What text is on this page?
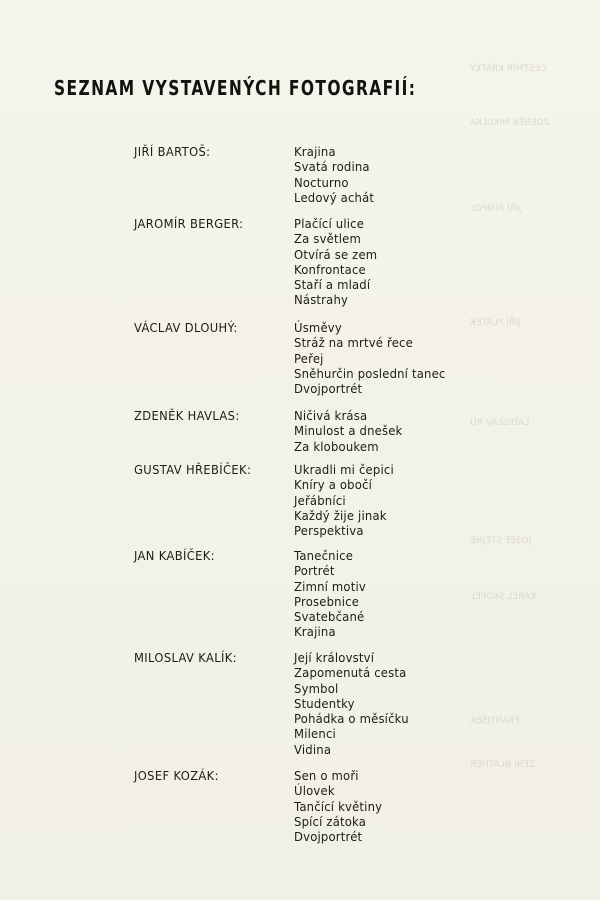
CESTMÍR KRÁTKÝ
ZDENĚK MIKULKA
JIŘÍ RIMPOL
JIŘÍ PLATEK
LADISLAV RU
JOSEF STEJNE
KAREL SKOPEL
FRANTIŠEK
ZENÍ BLÁTHER
SEZNAM VYSTAVENÝCH FOTOGRAFIÍ:
JIŘÍ BARTOŠ:	Krajina
Svatá rodina
Nocturno
Ledový achát
JAROMÍR BERGER:	Plačící ulice
Za světlem
Otvírá se zem
Konfrontace
Staří a mladí
Nástrahy
VÁCLAV DLOUHÝ:	Úsměvy
Stráž na mrtvé řece
Peřej
Sněhurčin poslední tanec
Dvojportrét
ZDENĚK HAVLAS:	Ničivá krása
Minulost a dnešek
Za kloboukem
GUSTAV HŘEBÍČEK:	Ukradli mi čepici
Kníry a obočí
Jeřábníci
Každý žije jinak
Perspektiva
JAN KABÍČEK:	Tanečnice
Portrét
Zimní motiv
Prosebnice
Svatebčané
Krajina
MILOSLAV KALÍK:	Její království
Zapomenutá cesta
Symbol
Studentky
Pohádka o měsíčku
Milenci
Vidina
JOSEF KOZÁK:	Sen o moři
Úlovek
Tančící květiny
Spící zátoka
Dvojportrét
